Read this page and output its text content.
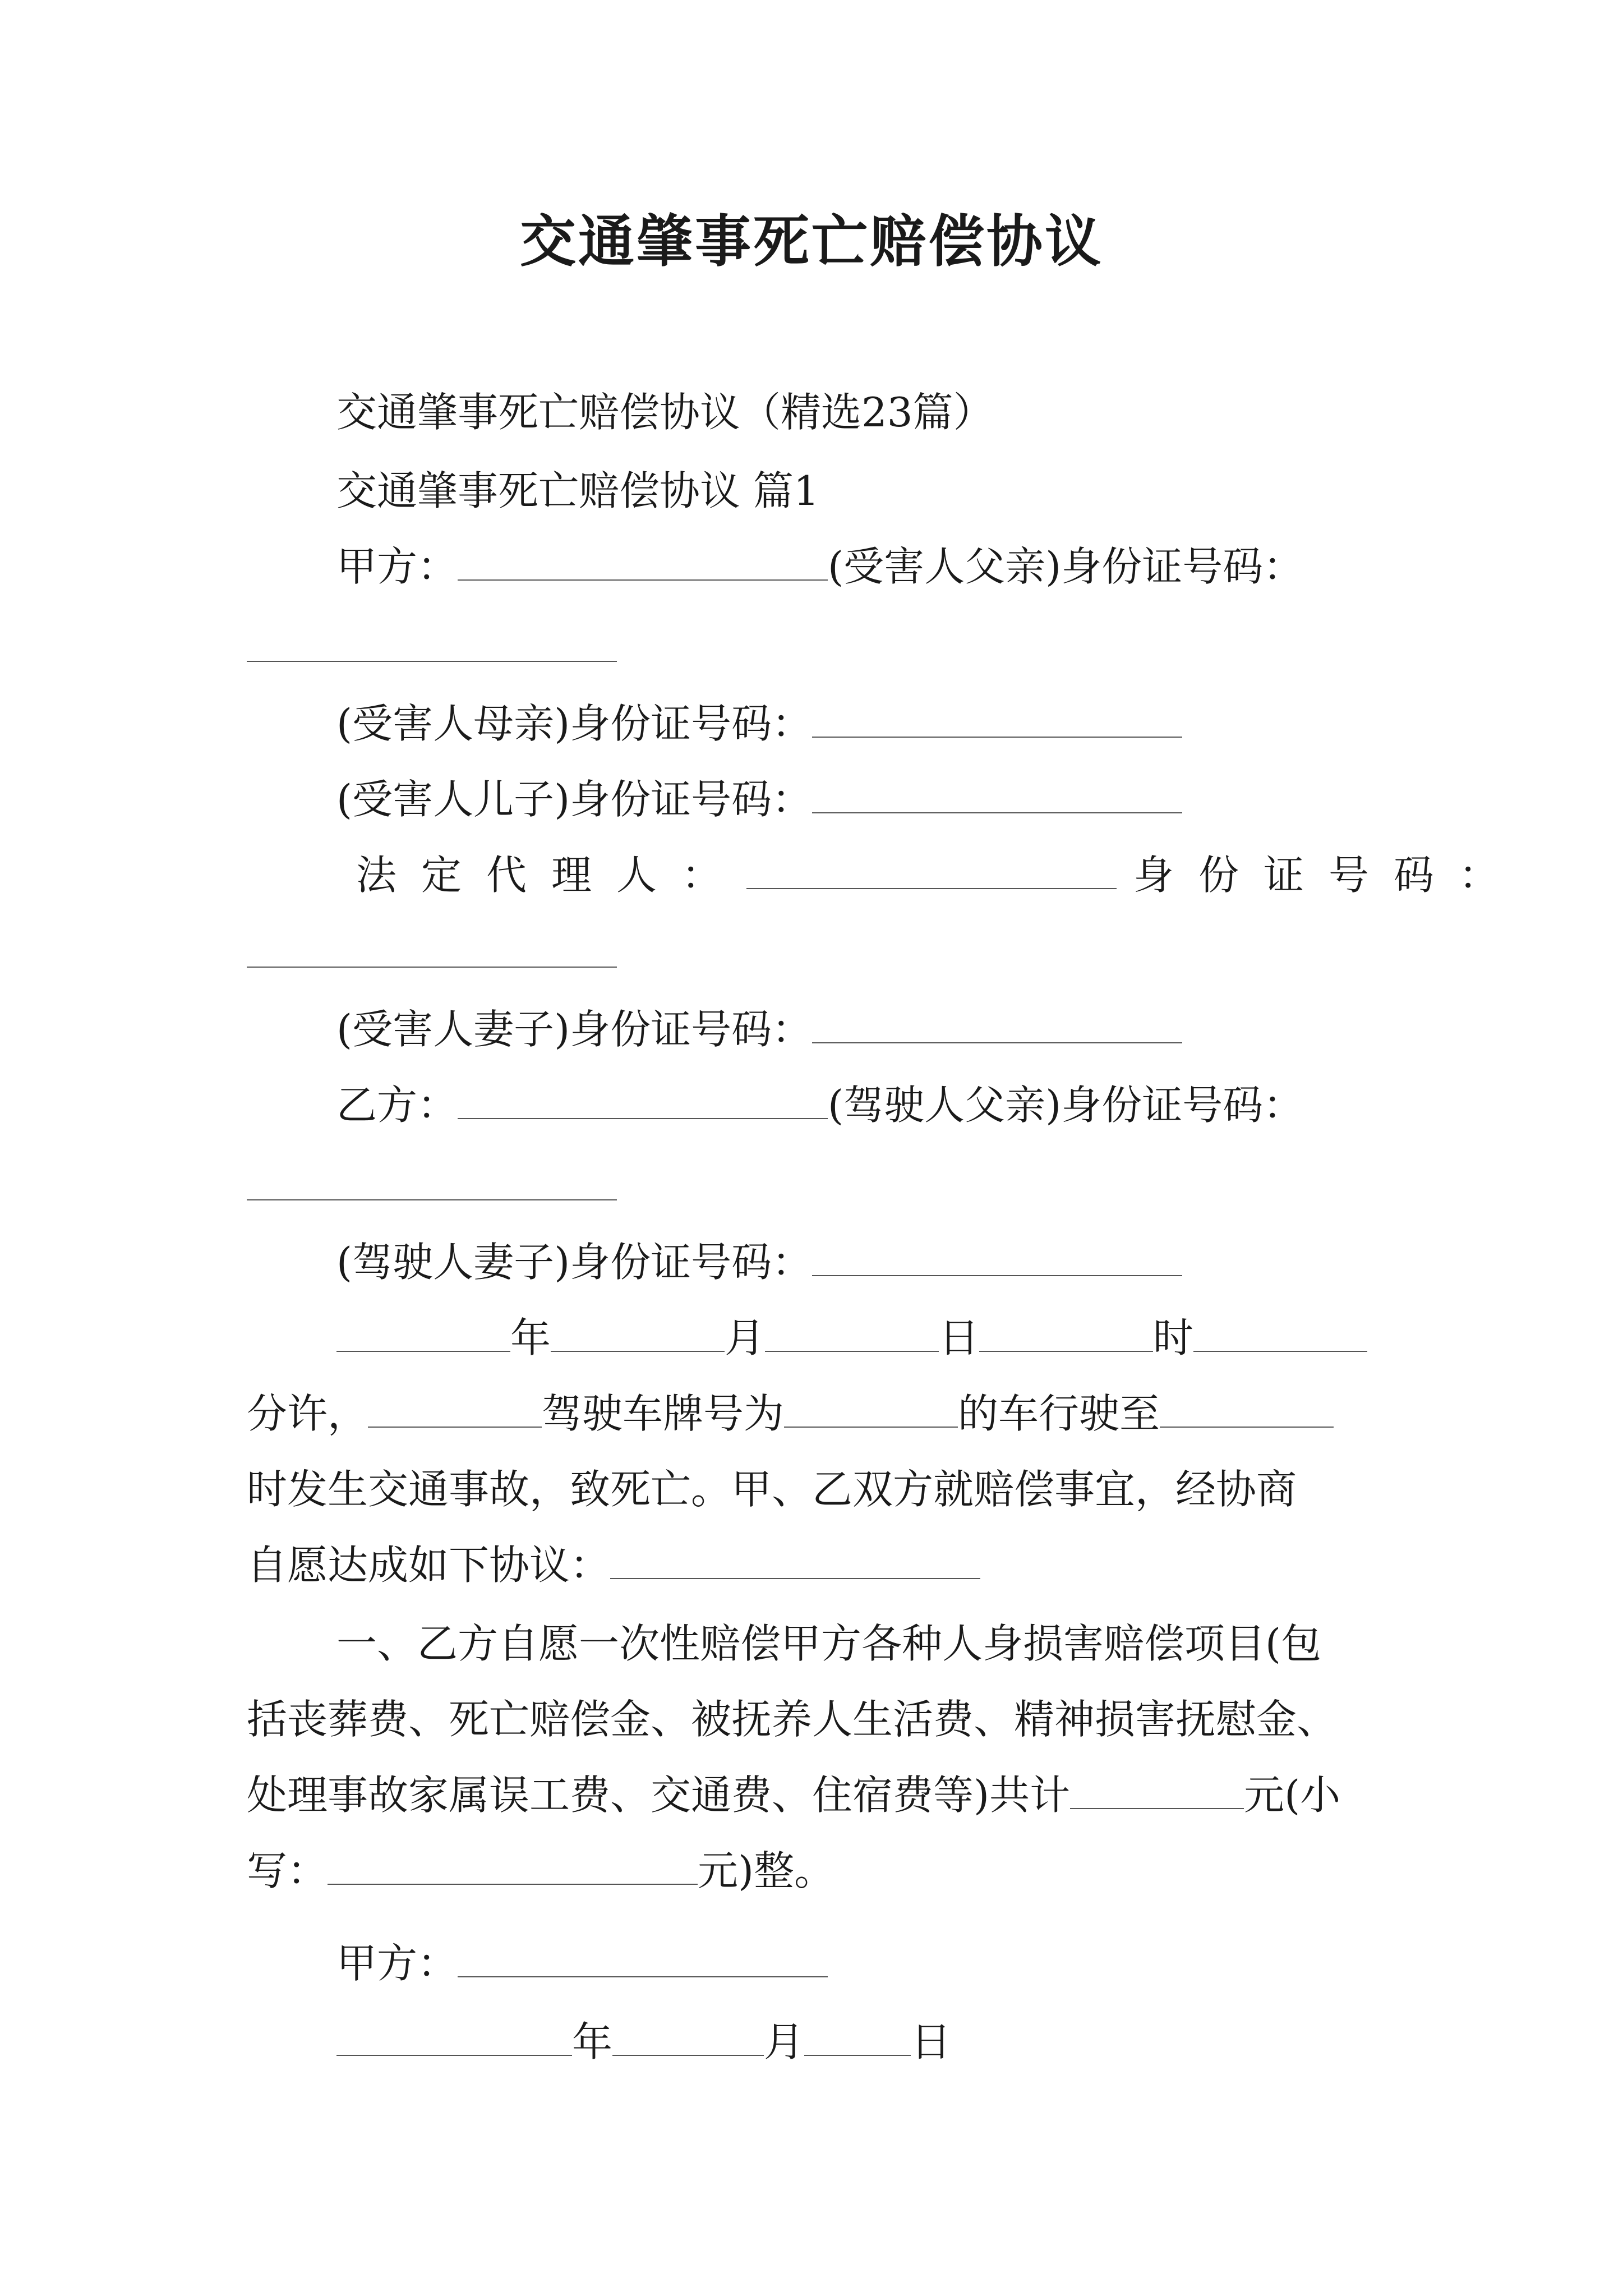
交通肇事死亡赔偿协议
交通肇事死亡赔偿协议（精选23篇）
交通肇事死亡赔偿协议 篇1
甲方：	(受害人父亲)身份证号码：
(受害人母亲)身份证号码：
(受害人儿子)身份证号码：
法定代理人：	身份证号码：
(受害人妻子)身份证号码：
乙方：	(驾驶人父亲)身份证号码：
(驾驶人妻子)身份证号码：
年	月	日	时
分许，	驾驶车牌号为	的车行驶至
时发生交通事故，致死亡。甲、乙双方就赔偿事宜，经协商
自愿达成如下协议：
一、乙方自愿一次性赔偿甲方各种人身损害赔偿项目(包
括丧葬费、死亡赔偿金、被抚养人生活费、精神损害抚慰金、
处理事故家属误工费、交通费、住宿费等)共计	元(小
写：	元)整。
甲方：
年	月	日
